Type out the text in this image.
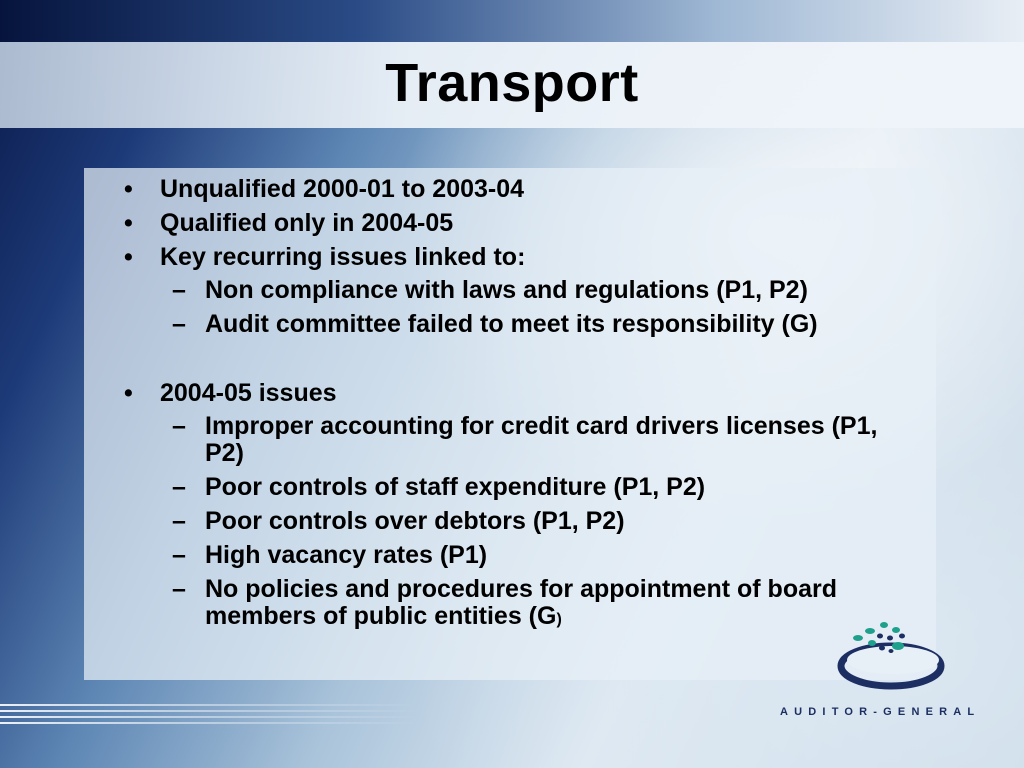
Transport
• Unqualified 2000-01 to 2003-04
• Qualified only in 2004-05
• Key recurring issues linked to:
– Non compliance with laws and regulations (P1, P2)
– Audit committee failed to meet its responsibility (G)
• 2004-05 issues
– Improper accounting for credit card drivers licenses (P1, P2)
– Poor controls of staff expenditure (P1, P2)
– Poor controls over debtors (P1, P2)
– High vacancy rates (P1)
– No policies and procedures for appointment of board members of public entities (G)
AUDITOR-GENERAL
